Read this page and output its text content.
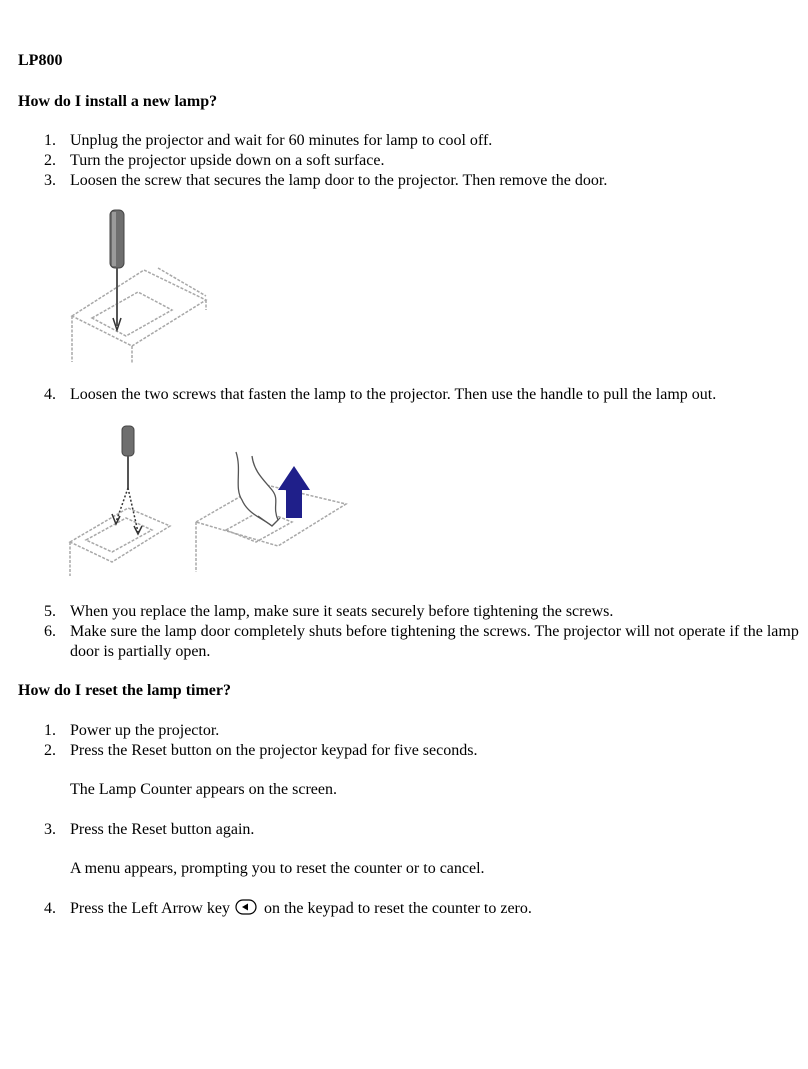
LP800
How do I install a new lamp?
1. Unplug the projector and wait for 60 minutes for lamp to cool off.
2. Turn the projector upside down on a soft surface.
3. Loosen the screw that secures the lamp door to the projector. Then remove the door.
4. Loosen the two screws that fasten the lamp to the projector. Then use the handle to pull the lamp out.
5. When you replace the lamp, make sure it seats securely before tightening the screws.
6. Make sure the lamp door completely shuts before tightening the screws. The projector will not operate if the lamp door is partially open.
How do I reset the lamp timer?
1. Power up the projector.
2. Press the Reset button on the projector keypad for five seconds.
The Lamp Counter appears on the screen.
3. Press the Reset button again.
A menu appears, prompting you to reset the counter or to cancel.
4. Press the Left Arrow key on the keypad to reset the counter to zero.
